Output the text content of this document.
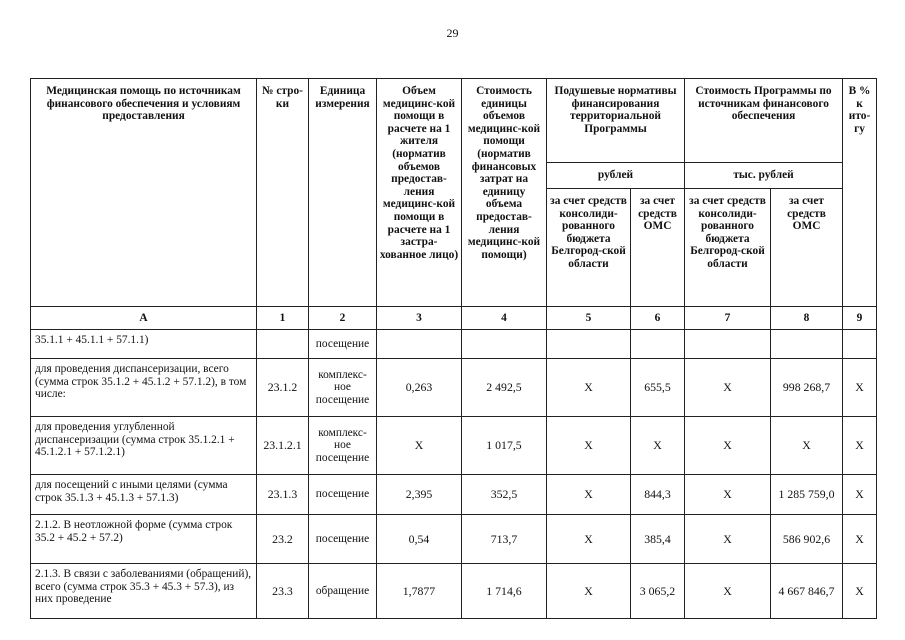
29
Медицинская помощь по источникам финансового обеспечения и условиям предоставления	№ стро-ки	Единица измерения	Объем медицинс-кой помощи в расчете на 1 жителя (норматив объемов предостав-ления медицинс-кой помощи в расчете на 1 застра-хованное лицо)	Стоимость единицы объемов медицинс-кой помощи (норматив финансовых затрат на единицу объема предостав-ления медицинс-кой помощи)	Подушевые нормативы финансирования территориальной Программы		Стоимость Программы по источникам финансового обеспечения		В % к ито-гу
					рублей		тыс. рублей		
					за счет средств консолиди-рованного бюджета Белгород-ской области	за счет средств ОМС	за счет средств консолиди-рованного бюджета Белгород-ской области	за счет средств ОМС	
А	1	2	3	4	5	6	7	8	9
35.1.1 + 45.1.1 + 57.1.1)		посещение							
для проведения диспансеризации, всего (сумма строк 35.1.2 + 45.1.2 + 57.1.2), в том числе:	23.1.2	комплекс-ное посещение	0,263	2 492,5	X	655,5	X	998 268,7	X
для проведения углубленной диспансеризации (сумма строк 35.1.2.1 + 45.1.2.1 + 57.1.2.1)	23.1.2.1	комплекс-ное посещение	X	1 017,5	X	X	X	X	X
для посещений с иными целями (сумма строк 35.1.3 + 45.1.3 + 57.1.3)	23.1.3	посещение	2,395	352,5	X	844,3	X	1 285 759,0	X
2.1.2. В неотложной форме (сумма строк 35.2 + 45.2 + 57.2)	23.2	посещение	0,54	713,7	X	385,4	X	586 902,6	X
2.1.3. В связи с заболеваниями (обращений), всего (сумма строк 35.3 + 45.3 + 57.3), из них проведение	23.3	обращение	1,7877	1 714,6	X	3 065,2	X	4 667 846,7	X
